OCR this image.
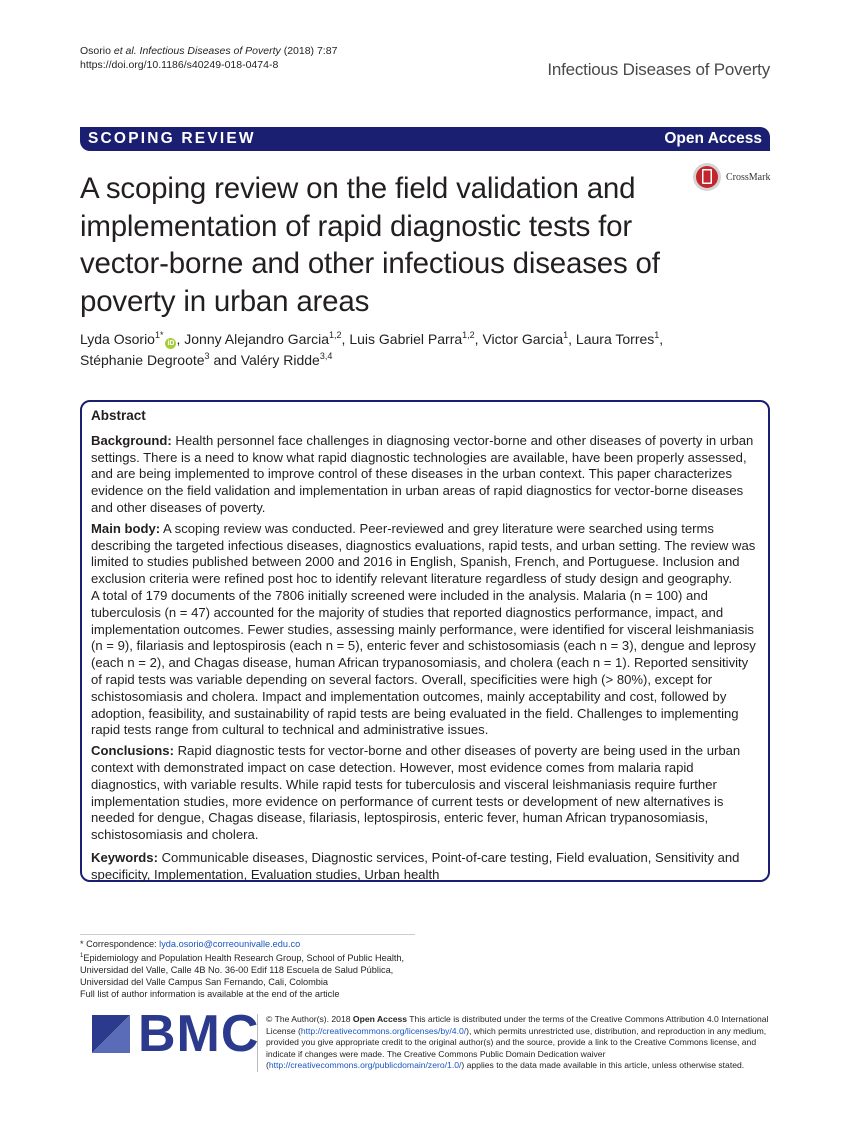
Osorio et al. Infectious Diseases of Poverty (2018) 7:87
https://doi.org/10.1186/s40249-018-0474-8	Infectious Diseases of Poverty
SCOPING REVIEW	Open Access
CrossMark
A scoping review on the field validation and implementation of rapid diagnostic tests for vector-borne and other infectious diseases of poverty in urban areas
Lyda Osorio$^{1*}$iD , Jonny Alejandro Garcia$^{1,2}$, Luis Gabriel Parra$^{1,2}$, Victor Garcia$^1$, Laura Torres$^1$,
Stéphanie Degroote$^3$ and Valéry Ridde$^{3,4}$
Abstract

Background: Health personnel face challenges in diagnosing vector-borne and other diseases of poverty in urban settings. There is a need to know what rapid diagnostic technologies are available, have been properly assessed, and are being implemented to improve control of these diseases in the urban context. This paper characterizes evidence on the field validation and implementation in urban areas of rapid diagnostics for vector-borne diseases and other diseases of poverty.

Main body: A scoping review was conducted. Peer-reviewed and grey literature were searched using terms describing the targeted infectious diseases, diagnostics evaluations, rapid tests, and urban setting. The review was limited to studies published between 2000 and 2016 in English, Spanish, French, and Portuguese. Inclusion and exclusion criteria were refined post hoc to identify relevant literature regardless of study design and geography.

A total of 179 documents of the 7806 initially screened were included in the analysis. Malaria (n = 100) and tuberculosis (n = 47) accounted for the majority of studies that reported diagnostics performance, impact, and implementation outcomes. Fewer studies, assessing mainly performance, were identified for visceral leishmaniasis (n = 9), filariasis and leptospirosis (each n = 5), enteric fever and schistosomiasis (each n = 3), dengue and leprosy (each n = 2), and Chagas disease, human African trypanosomiasis, and cholera (each n = 1). Reported sensitivity of rapid tests was variable depending on several factors. Overall, specificities were high (> 80%), except for schistosomiasis and cholera. Impact and implementation outcomes, mainly acceptability and cost, followed by adoption, feasibility, and sustainability of rapid tests are being evaluated in the field. Challenges to implementing rapid tests range from cultural to technical and administrative issues.

Conclusions: Rapid diagnostic tests for vector-borne and other diseases of poverty are being used in the urban context with demonstrated impact on case detection. However, most evidence comes from malaria rapid diagnostics, with variable results. While rapid tests for tuberculosis and visceral leishmaniasis require further implementation studies, more evidence on performance of current tests or development of new alternatives is needed for dengue, Chagas disease, filariasis, leptospirosis, enteric fever, human African trypanosomiasis, schistosomiasis and cholera.

Keywords: Communicable diseases, Diagnostic services, Point-of-care testing, Field evaluation, Sensitivity and specificity, Implementation, Evaluation studies, Urban health

* Correspondence: lyda.osorio@correounivalle.edu.co
$^1$Epidemiology and Population Health Research Group, School of Public Health, Universidad del Valle, Calle 4B No. 36-00 Edif 118 Escuela de Salud Pública, Universidad del Valle Campus San Fernando, Cali, Colombia
Full list of author information is available at the end of the article
BMC © The Author(s). 2018 Open Access This article is distributed under the terms of the Creative Commons Attribution 4.0 International License (http://creativecommons.org/licenses/by/4.0/), which permits unrestricted use, distribution, and reproduction in any medium, provided you give appropriate credit to the original author(s) and the source, provide a link to the Creative Commons license, and indicate if changes were made. The Creative Commons Public Domain Dedication waiver (http://creativecommons.org/publicdomain/zero/1.0/) applies to the data made available in this article, unless otherwise stated.
